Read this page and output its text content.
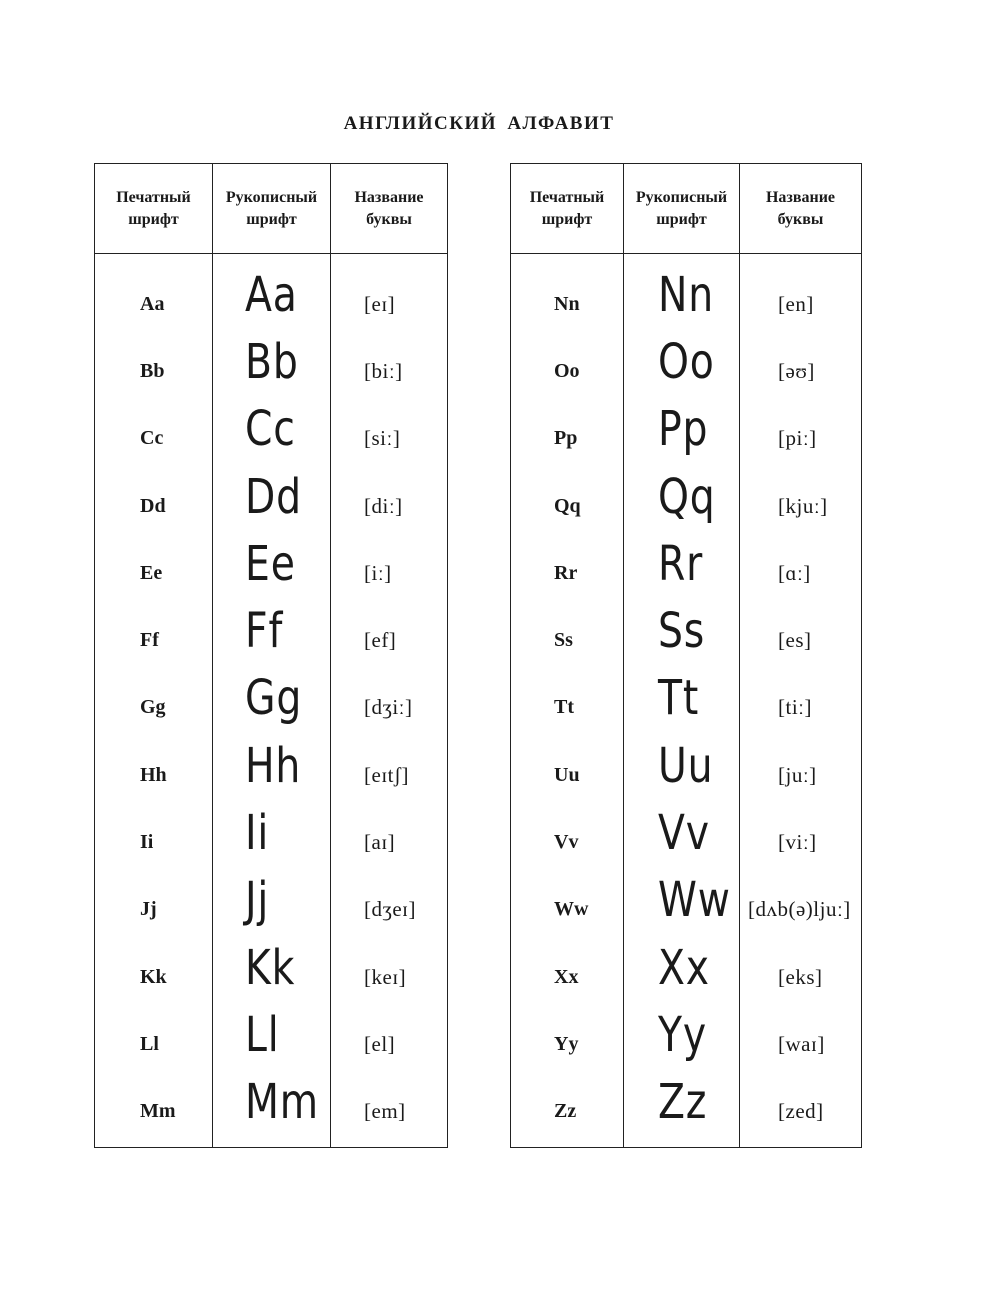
АНГЛИЙСКИЙ АЛФАВИТ
Печатный
шрифт
Рукописный
шрифт
Название
буквы
Aa Aa	[eɪ]
Bb Bb	[biː]
Cc Cc	[siː]
Dd Dd	[diː]
Ee Ee	[iː]
Ff Ff	[ef]
Gg Gg	[dʒiː]
Hh Hh	[eɪtʃ]
Ii Ii	[aɪ]
Jj Jj	[dʒeɪ]
Kk Kk	[keɪ]
Ll Ll	[el]
Mm Mm [em]
Печатный
шрифт
Рукописный
шрифт
Название
буквы
Nn Nn	[en]
Oo Oo	[əʊ]
Pp Pp	[piː]
Qq Qq	[kjuː]
Rr Rr	[ɑː]
Ss Ss	[es]
Tt Tt	[tiː]
Uu Uu	[juː]
Vv Vv	[viː]
Ww Ww [dʌb(ə)ljuː]
Xx Xx	[eks]
Yy Yy	[waɪ]
Zz Zz	[zed]
